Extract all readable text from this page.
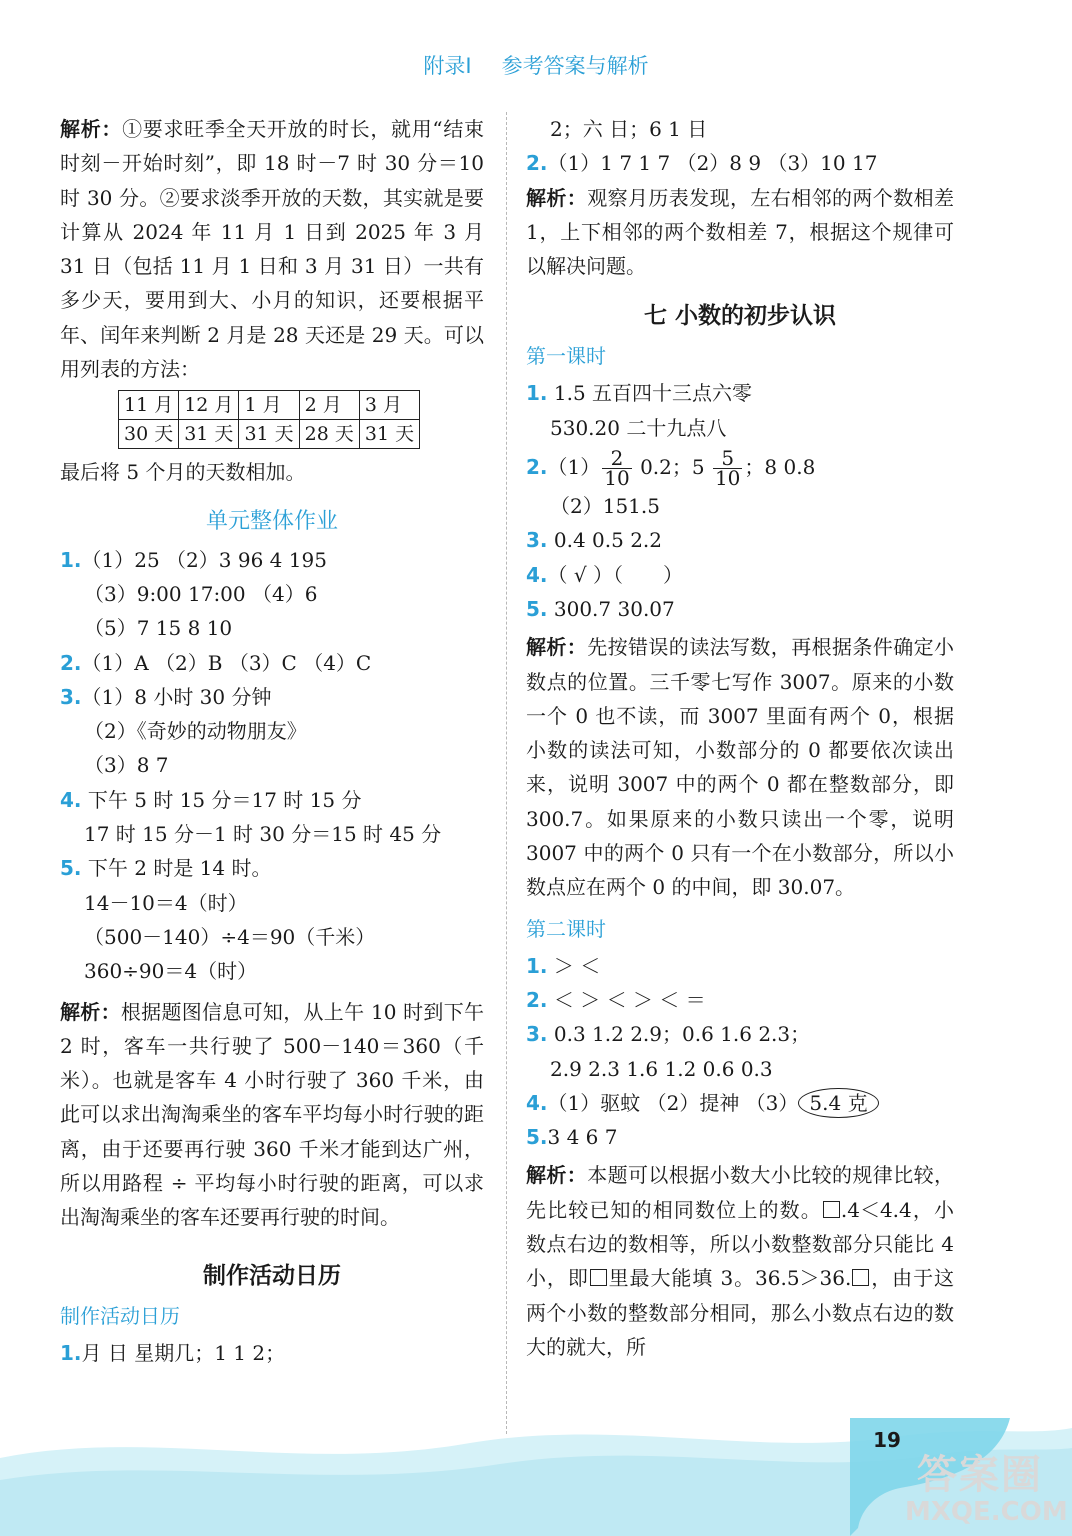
附录Ⅰ 参考答案与解析

解析：①要求旺季全天开放的时长，就用“结束时刻－开始时刻”，即 18 时－7 时 30 分＝10 时 30 分。②要求淡季开放的天数，其实就是要计算从 2024 年 11 月 1 日到 2025 年 3 月 31 日（包括 11 月 1 日和 3 月 31 日）一共有多少天，要用到大、小月的知识，还要根据平年、闰年来判断 2 月是 28 天还是 29 天。可以用列表的方法：

11 月	12 月	1 月	2 月	3 月
30 天	31 天	31 天	28 天	31 天

最后将 5 个月的天数相加。

单元整体作业

1.（1）25 （2）3 96 4 195

（3）9:00 17:00 （4）6

（5）7 15 8 10

2.（1）A （2）B （3）C （4）C

3.（1）8 小时 30 分钟

（2）《奇妙的动物朋友》

（3）8 7

4. 下午 5 时 15 分＝17 时 15 分

17 时 15 分－1 时 30 分＝15 时 45 分

5. 下午 2 时是 14 时。

14－10＝4（时）

（500－140）÷4＝90（千米）

360÷90＝4（时）

解析：根据题图信息可知，从上午 10 时到下午 2 时，客车一共行驶了 500－140＝360（千米）。也就是客车 4 小时行驶了 360 千米，由此可以求出淘淘乘坐的客车平均每小时行驶的距离，由于还要再行驶 360 千米才能到达广州，所以用路程 ÷ 平均每小时行驶的距离，可以求出淘淘乘坐的客车还要再行驶的时间。

制作活动日历
制作活动日历

1.月 日 星期几；1 1 2；

2；六 日；6 1 日

2.（1）1 7 1 7 （2）8 9 （3）10 17

解析：观察月历表发现，左右相邻的两个数相差 1，上下相邻的两个数相差 7，根据这个规律可以解决问题。

七 小数的初步认识
第一课时

1. 1.5 五百四十三点六零

530.20 二十九点八

$2.(1) \frac{2}{10} 0.2$；$5 \frac{5}{10}$ ；8 0.8

（2）151.5

3. 0.4 0.5 2.2

4.（ √ ）（　　）

5. 300.7 30.07

解析：先按错误的读法写数，再根据条件确定小数点的位置。三千零七写作 3007。原来的小数一个 0 也不读，而 3007 里面有两个 0，根据小数的读法可知，小数部分的 0 都要依次读出来，说明 3007 中的两个 0 都在整数部分，即 300.7。如果原来的小数只读出一个零，说明 3007 中的两个 0 只有一个在小数部分，所以小数点应在两个 0 的中间，即 30.07。

第二课时

1. ＞ ＜

2. ＜ ＞ ＜ ＞ ＜ ＝

3. 0.3 1.2 2.9；0.6 1.6 2.3；

2.9 2.3 1.6 1.2 0.6 0.3

4.（1）驱蚊 （2）提神 （3） 5.4 克

5.3 4 6 7

解析：本题可以根据小数大小比较的规律比较，先比较已知的相同数位上的数。 .4＜4.4，小数点右边的数相等，所以小数整数部分只能比 4 小，即 里最大能填 3。36.5＞36. ，由于这两个小数的整数部分相同，那么小数点右边的数大的就大，所

19
答案圈
MXQE.COM
